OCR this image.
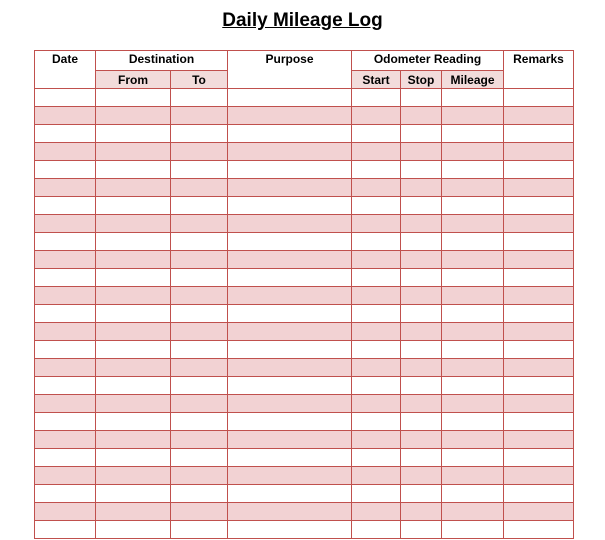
Daily Mileage Log
Date	Destination		Purpose	Odometer Reading			Remarks
	From	To		Start	Stop	Mileage	
